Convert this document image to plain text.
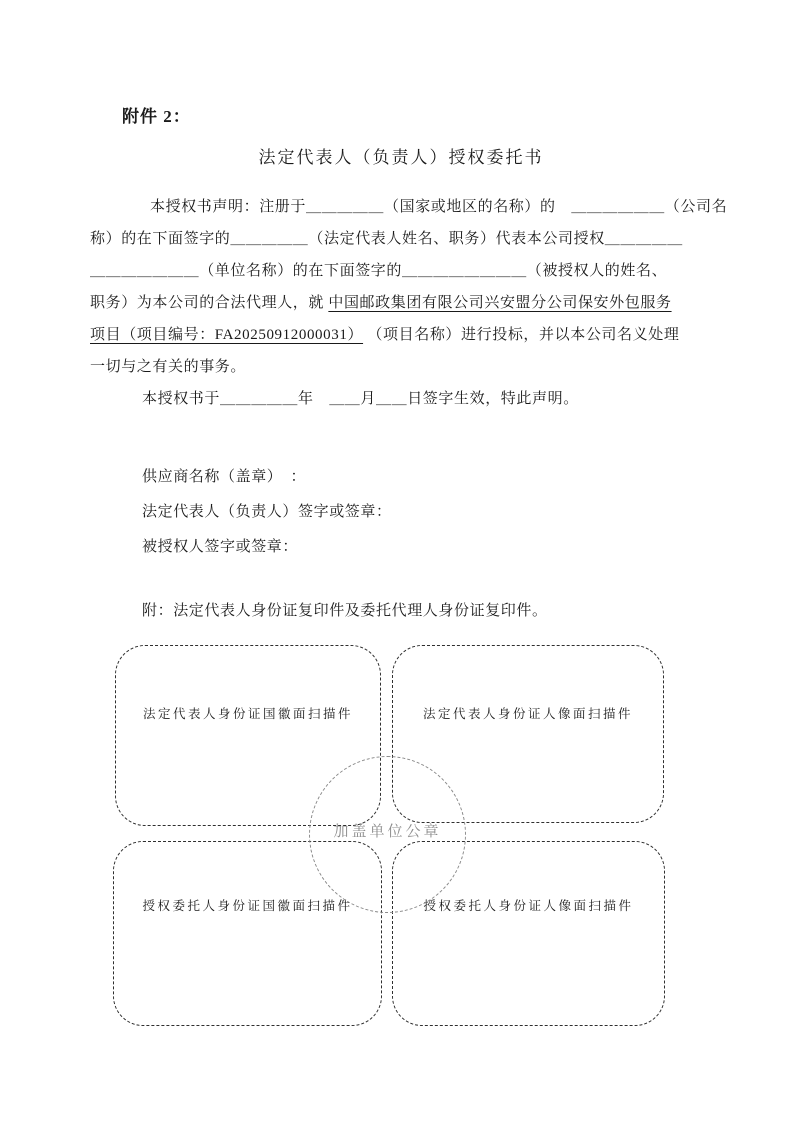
附件 2：
法定代表人（负责人）授权委托书
本授权书声明：注册于＿＿＿＿＿（国家或地区的名称）的　＿＿＿＿＿＿（公司名
称）的在下面签字的＿＿＿＿＿（法定代表人姓名、职务）代表本公司授权＿＿＿＿＿
＿＿＿＿＿＿＿（单位名称）的在下面签字的＿＿＿＿＿＿＿＿（被授权人的姓名、
职务）为本公司的合法代理人，就 中国邮政集团有限公司兴安盟分公司保安外包服务
项目（项目编号：FA20250912000031） （项目名称）进行投标，并以本公司名义处理
一切与之有关的事务。
本授权书于＿＿＿＿＿年　＿＿月＿＿日签字生效，特此声明。
供应商名称（盖章）　：
法定代表人（负责人）签字或签章：
被授权人签字或签章：
附：法定代表人身份证复印件及委托代理人身份证复印件。
法定代表人身份证国徽面扫描件	法定代表人身份证人像面扫描件
授权委托人身份证国徽面扫描件	授权委托人身份证人像面扫描件
加盖单位公章
